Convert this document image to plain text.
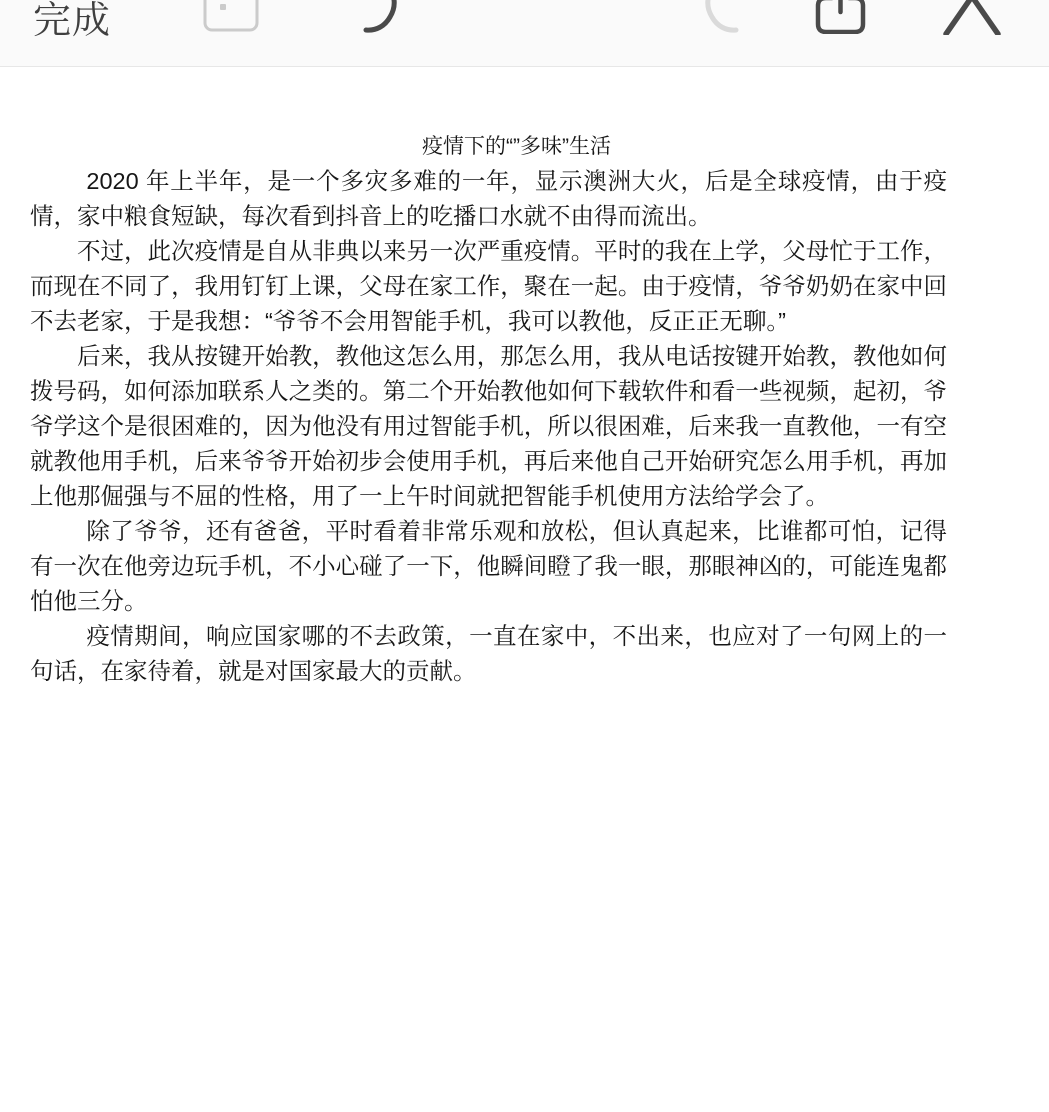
完成
疫情下的“”多味”生活

2020 年上半年，是一个多灾多难的一年，显示澳洲大火，后是全球疫情，由于疫情，家中粮食短缺，每次看到抖音上的吃播口水就不由得而流出。

不过，此次疫情是自从非典以来另一次严重疫情。平时的我在上学，父母忙于工作，而现在不同了，我用钉钉上课，父母在家工作，聚在一起。由于疫情，爷爷奶奶在家中回不去老家，于是我想：“爷爷不会用智能手机，我可以教他，反正正无聊。”

后来，我从按键开始教，教他这怎么用，那怎么用，我从电话按键开始教，教他如何拨号码，如何添加联系人之类的。第二个开始教他如何下载软件和看一些视频，起初，爷爷学这个是很困难的，因为他没有用过智能手机，所以很困难，后来我一直教他，一有空就教他用手机，后来爷爷开始初步会使用手机，再后来他自己开始研究怎么用手机，再加上他那倔强与不屈的性格，用了一上午时间就把智能手机使用方法给学会了。

除了爷爷，还有爸爸，平时看着非常乐观和放松，但认真起来，比谁都可怕，记得有一次在他旁边玩手机，不小心碰了一下，他瞬间瞪了我一眼，那眼神凶的，可能连鬼都怕他三分。

疫情期间，响应国家哪的不去政策，一直在家中，不出来，也应对了一句网上的一句话，在家待着，就是对国家最大的贡献。
